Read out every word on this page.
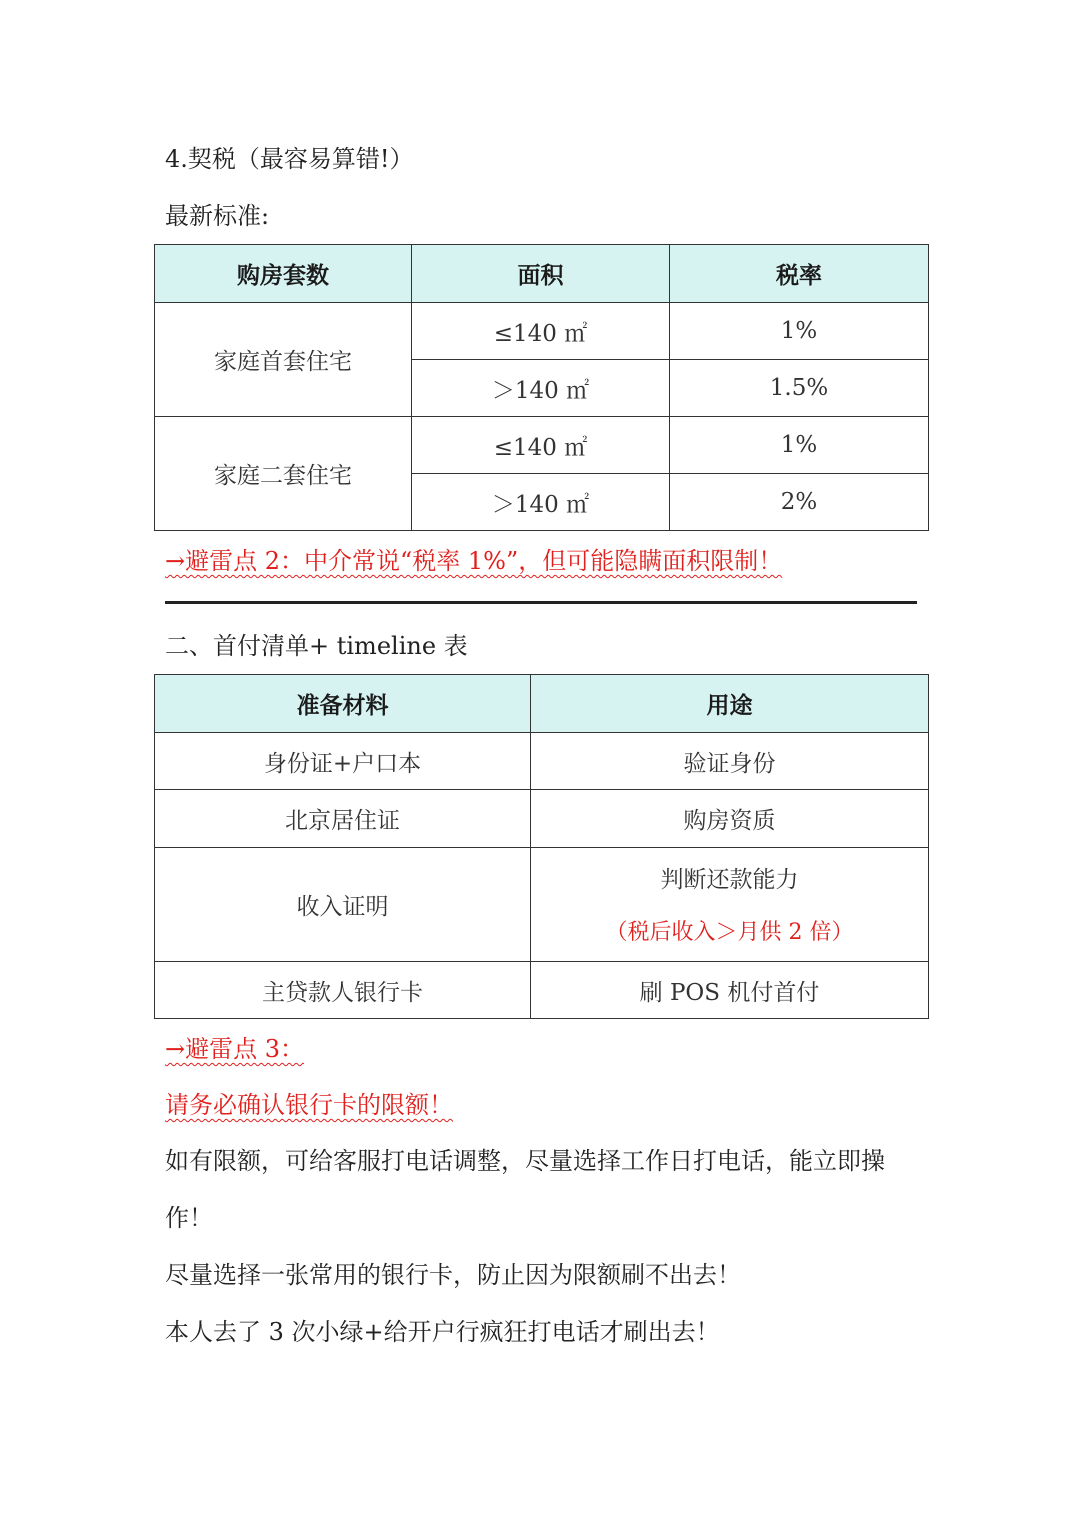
4.契税（最容易算错!）
最新标准:
购房套数	面积	税率
家庭首套住宅	≤140 ㎡	1%
	＞140 ㎡	1.5%
家庭二套住宅	≤140 ㎡	1%
	＞140 ㎡	2%
→避雷点 2：中介常说“税率 1%”，但可能隐瞒面积限制！
二、首付清单+ timeline 表
准备材料	用途
身份证+户口本	验证身份
北京居住证	购房资质
收入证明	判断还款能力
（税后收入＞月供 2 倍）

主贷款人银行卡	刷 POS 机付首付
→避雷点 3：
请务必确认银行卡的限额！
如有限额，可给客服打电话调整，尽量选择工作日打电话，能立即操
作！
尽量选择一张常用的银行卡，防止因为限额刷不出去！
本人去了 3 次小绿+给开户行疯狂打电话才刷出去！
